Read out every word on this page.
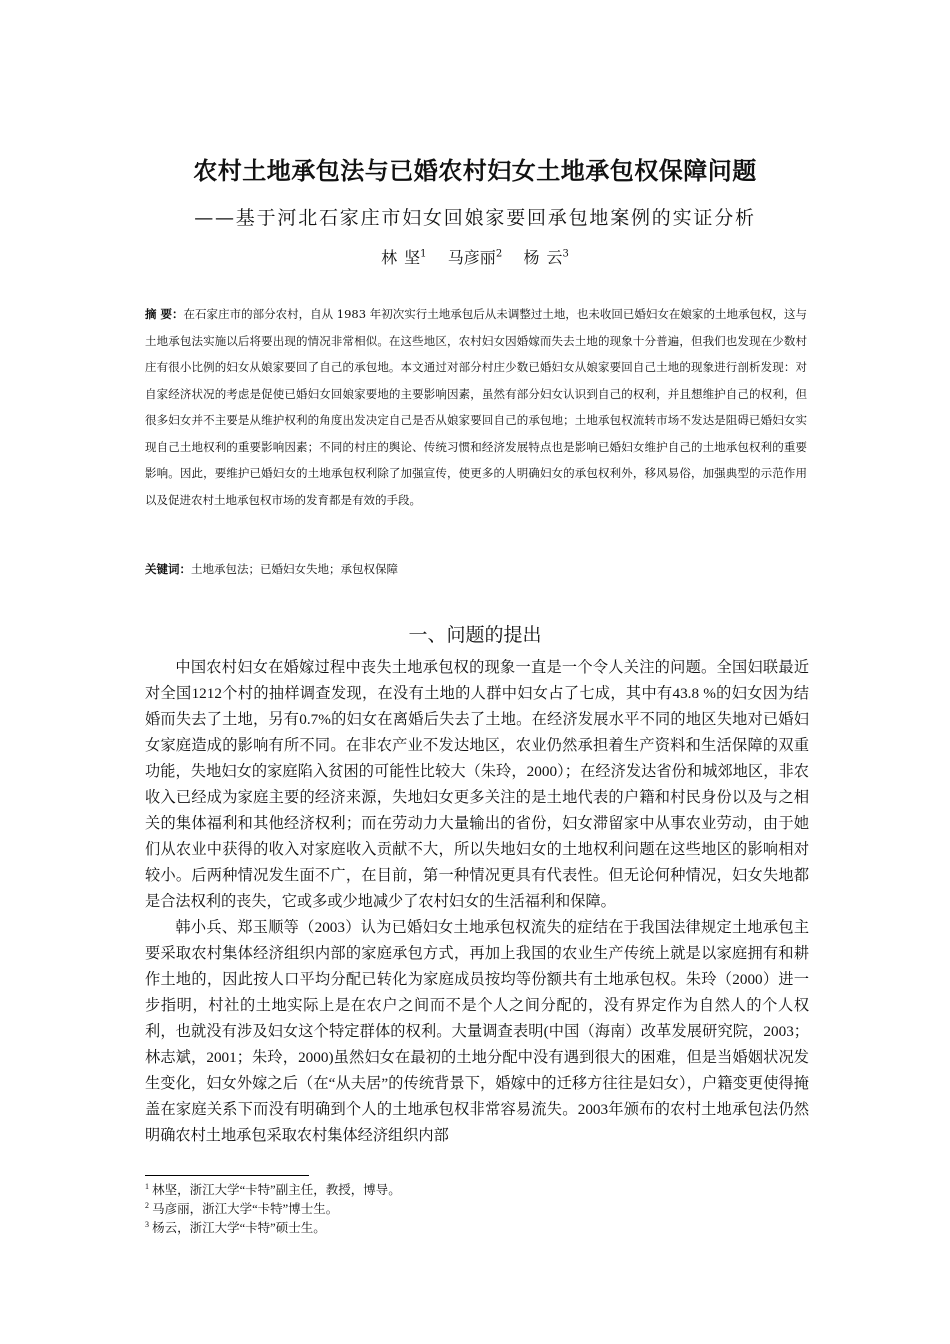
农村土地承包法与已婚农村妇女土地承包权保障问题
——基于河北石家庄市妇女回娘家要回承包地案例的实证分析
林 坚$^1$ 马彦丽$^2$ 杨 云$^3$
摘 要：在石家庄市的部分农村，自从 1983 年初次实行土地承包后从未调整过土地，也未收回已婚妇女在娘家的土地承包权，这与土地承包法实施以后将要出现的情况非常相似。在这些地区，农村妇女因婚嫁而失去土地的现象十分普遍，但我们也发现在少数村庄有很小比例的妇女从娘家要回了自己的承包地。本文通过对部分村庄少数已婚妇女从娘家要回自己土地的现象进行剖析发现：对自家经济状况的考虑是促使已婚妇女回娘家要地的主要影响因素，虽然有部分妇女认识到自己的权利，并且想维护自己的权利，但很多妇女并不主要是从维护权利的角度出发决定自己是否从娘家要回自己的承包地；土地承包权流转市场不发达是阻碍已婚妇女实现自己土地权利的重要影响因素；不同的村庄的舆论、传统习惯和经济发展特点也是影响已婚妇女维护自己的土地承包权利的重要影响。因此，要维护已婚妇女的土地承包权利除了加强宣传，使更多的人明确妇女的承包权利外，移风易俗，加强典型的示范作用以及促进农村土地承包权市场的发育都是有效的手段。
关键词：土地承包法；已婚妇女失地；承包权保障
一、问题的提出

中国农村妇女在婚嫁过程中丧失土地承包权的现象一直是一个令人关注的问题。全国妇联最近对全国1212个村的抽样调查发现，在没有土地的人群中妇女占了七成，其中有43.8 %的妇女因为结婚而失去了土地，另有0.7%的妇女在离婚后失去了土地。在经济发展水平不同的地区失地对已婚妇女家庭造成的影响有所不同。在非农产业不发达地区，农业仍然承担着生产资料和生活保障的双重功能，失地妇女的家庭陷入贫困的可能性比较大（朱玲，2000）；在经济发达省份和城郊地区，非农收入已经成为家庭主要的经济来源，失地妇女更多关注的是土地代表的户籍和村民身份以及与之相关的集体福利和其他经济权利；而在劳动力大量输出的省份，妇女滞留家中从事农业劳动，由于她们从农业中获得的收入对家庭收入贡献不大，所以失地妇女的土地权利问题在这些地区的影响相对较小。后两种情况发生面不广，在目前，第一种情况更具有代表性。但无论何种情况，妇女失地都是合法权利的丧失，它或多或少地减少了农村妇女的生活福利和保障。

韩小兵、郑玉顺等（2003）认为已婚妇女土地承包权流失的症结在于我国法律规定土地承包主要采取农村集体经济组织内部的家庭承包方式，再加上我国的农业生产传统上就是以家庭拥有和耕作土地的，因此按人口平均分配已转化为家庭成员按均等份额共有土地承包权。朱玲（2000）进一步指明，村社的土地实际上是在农户之间而不是个人之间分配的，没有界定作为自然人的个人权利，也就没有涉及妇女这个特定群体的权利。大量调查表明(中国（海南）改革发展研究院，2003；林志斌，2001；朱玲，2000)虽然妇女在最初的土地分配中没有遇到很大的困难，但是当婚姻状况发生变化，妇女外嫁之后（在“从夫居”的传统背景下，婚嫁中的迁移方往往是妇女），户籍变更使得掩盖在家庭关系下而没有明确到个人的土地承包权非常容易流失。2003年颁布的农村土地承包法仍然明确农村土地承包采取农村集体经济组织内部

$^1$ 林坚，浙江大学“卡特”副主任，教授，博导。
$^2$ 马彦丽，浙江大学“卡特”博士生。
$^3$ 杨云，浙江大学“卡特”硕士生。
